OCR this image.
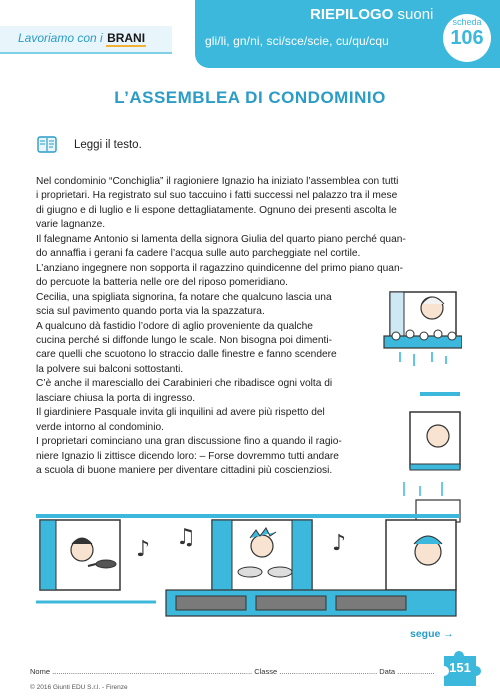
Lavoriamo con i BRANI
RIEPILOGO suoni
gli/li, gn/ni, sci/sce/scie, cu/qu/cqu
scheda
106
L’ASSEMBLEA DI CONDOMINIO
Leggi il testo.
Nel condominio “Conchiglia” il ragioniere Ignazio ha iniziato l’assemblea con tutti
i proprietari. Ha registrato sul suo taccuino i fatti successi nel palazzo tra il mese
di giugno e di luglio e li espone dettagliatamente. Ognuno dei presenti ascolta le
varie lagnanze.
Il falegname Antonio si lamenta della signora Giulia del quarto piano perché quan-
do annaffia i gerani fa cadere l’acqua sulle auto parcheggiate nel cortile.
L’anziano ingegnere non sopporta il ragazzino quindicenne del primo piano quan-
do percuote la batteria nelle ore del riposo pomeridiano.
Cecilia, una spigliata signorina, fa notare che qualcuno lascia una
scia sul pavimento quando porta via la spazzatura.
A qualcuno dà fastidio l’odore di aglio proveniente da qualche
cucina perché si diffonde lungo le scale. Non bisogna poi dimenti-
care quelli che scuotono lo straccio dalle finestre e fanno scendere
la polvere sui balconi sottostanti.
C’è anche il maresciallo dei Carabinieri che ribadisce ogni volta di
lasciare chiusa la porta di ingresso.
Il giardiniere Pasquale invita gli inquilini ad avere più rispetto del
verde intorno al condominio.
I proprietari cominciano una gran discussione fino a quando il ragio-
niere Ignazio li zittisce dicendo loro: – Forse dovremmo tutti andare
a scuola di buone maniere per diventare cittadini più coscienziosi.
♪ ♫	♪
segue →
Nome ................................................................................................ Classe ............................................... Data ..................
© 2016 Giunti EDU S.r.l. - Firenze
151
